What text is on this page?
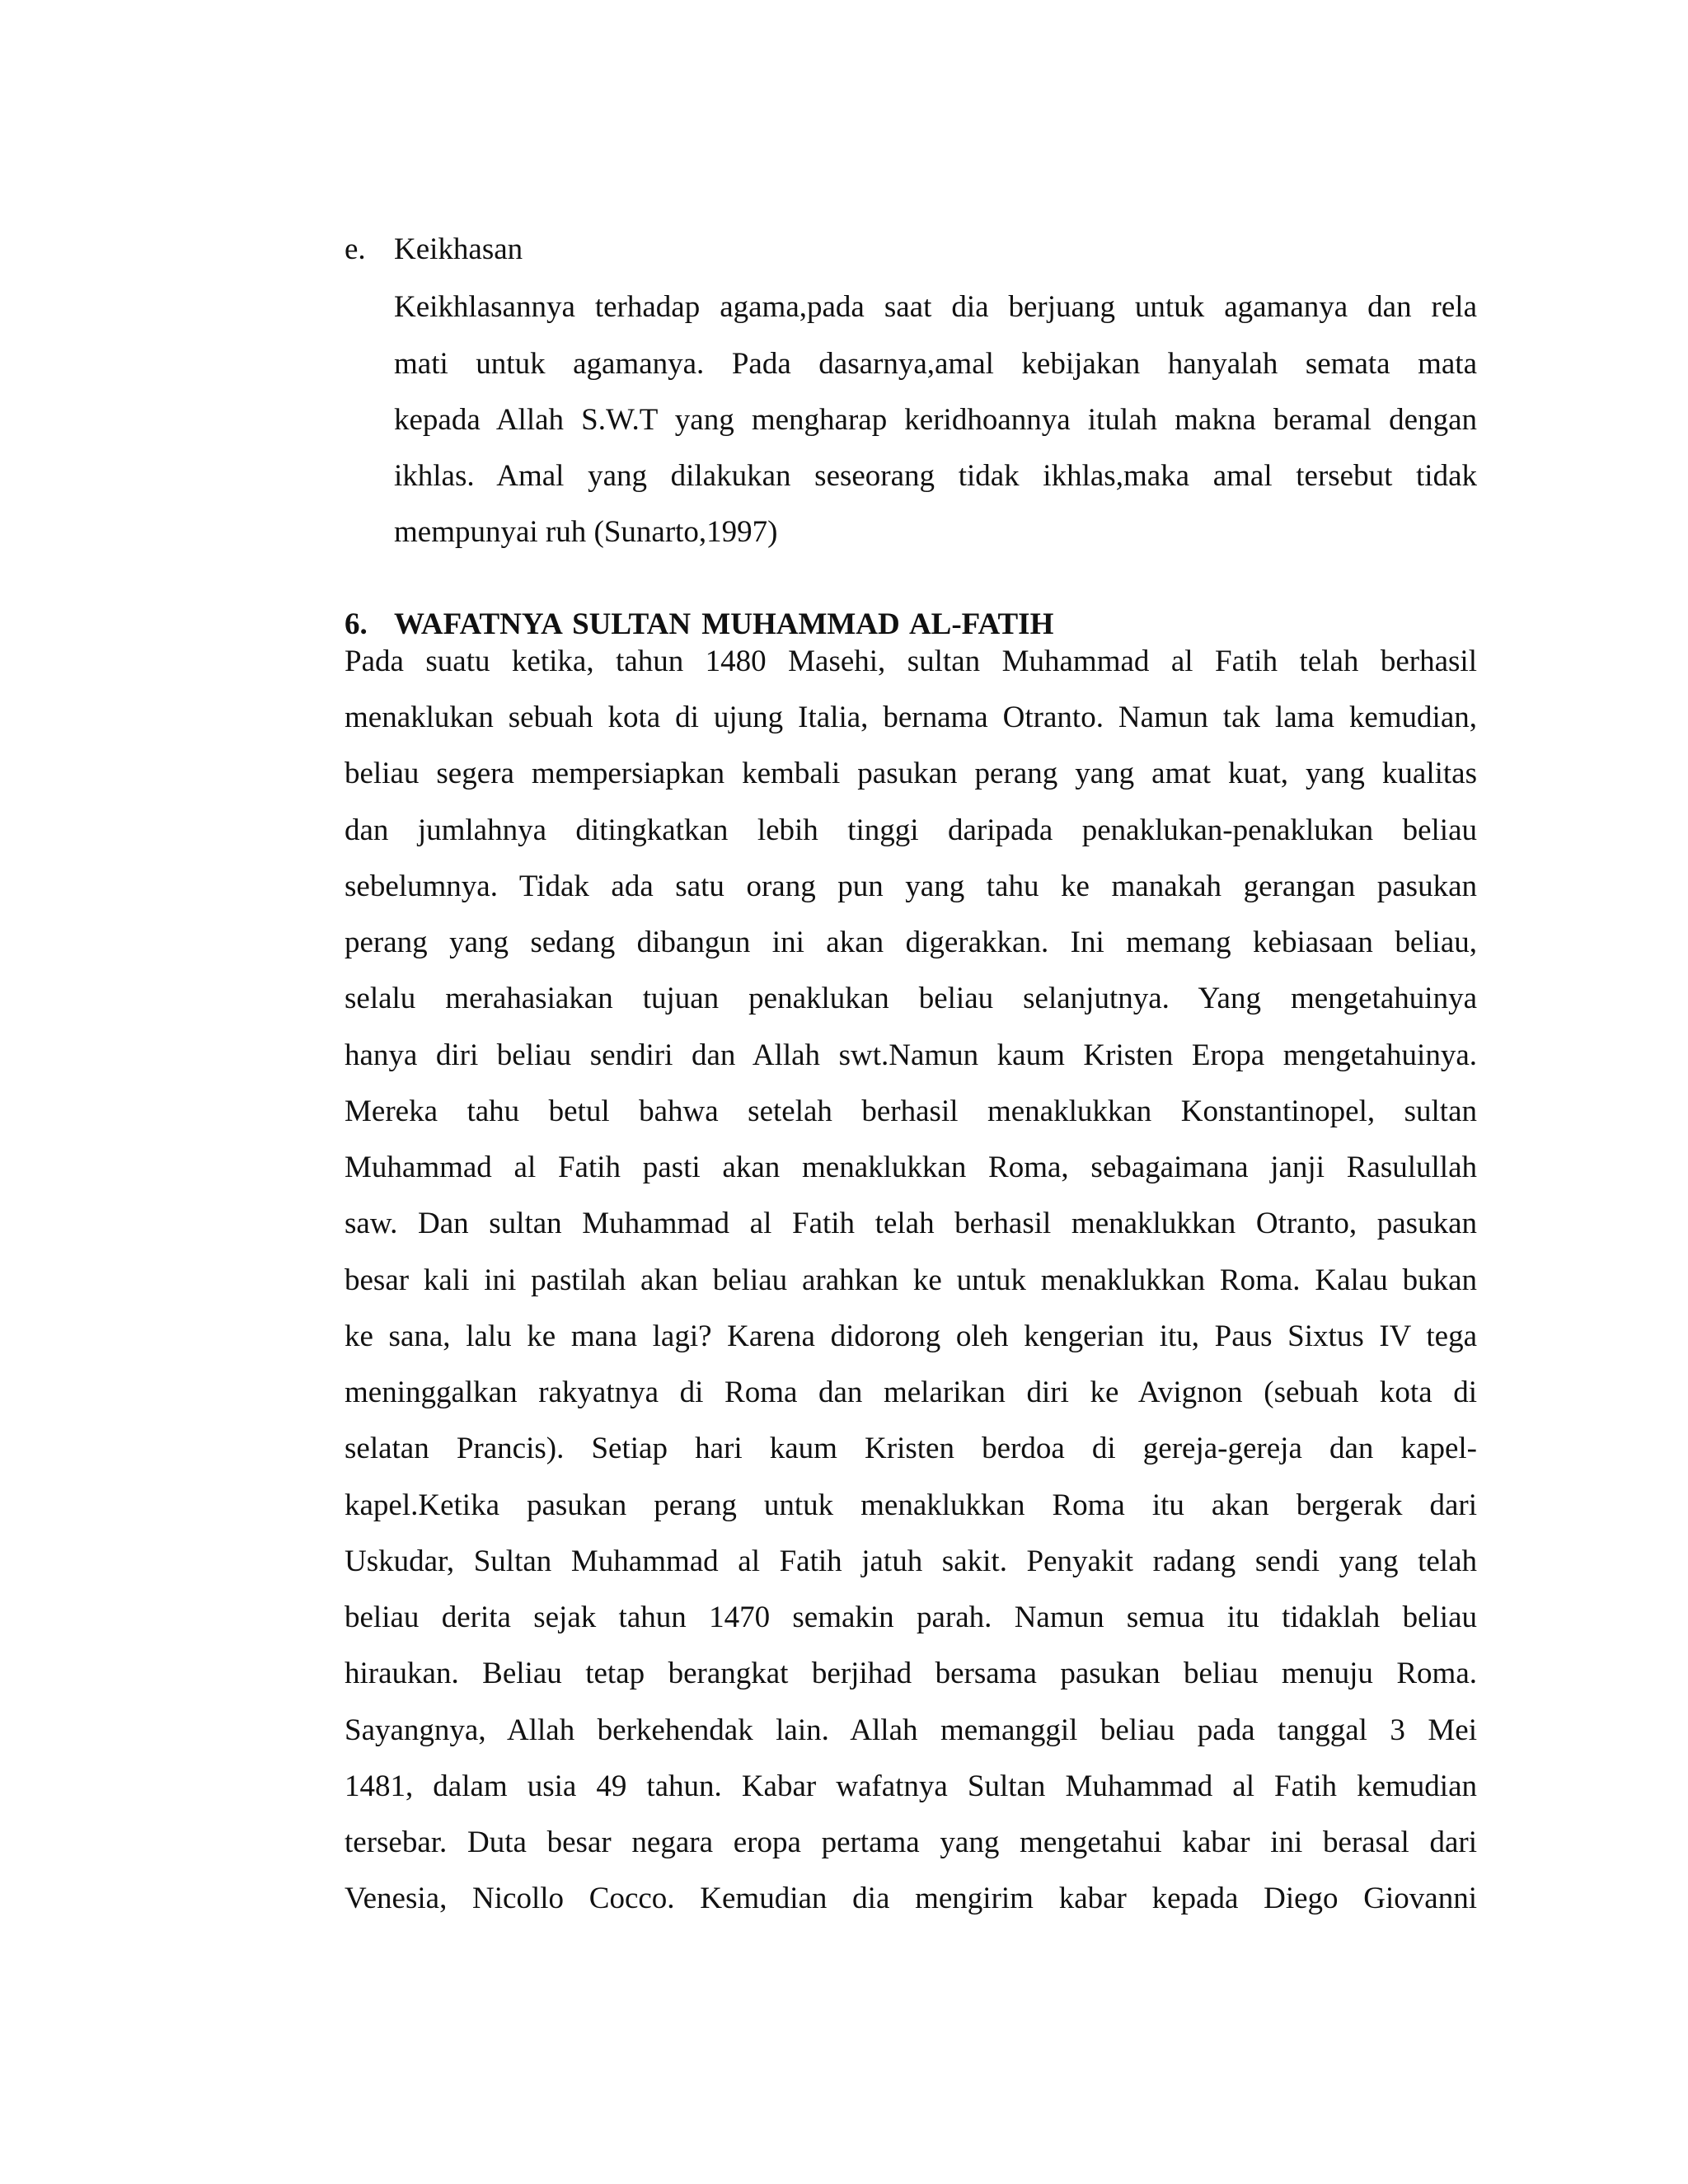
e. Keikhasan
Keikhlasannya terhadap agama,pada saat dia berjuang untuk agamanya dan rela
mati untuk agamanya. Pada dasarnya,amal kebijakan hanyalah semata mata
kepada Allah S.W.T yang mengharap keridhoannya itulah makna beramal dengan
ikhlas. Amal yang dilakukan seseorang tidak ikhlas,maka amal tersebut tidak
mempunyai ruh (Sunarto,1997)
6. WAFATNYA SULTAN MUHAMMAD AL-FATIH
Pada suatu ketika, tahun 1480 Masehi, sultan Muhammad al Fatih telah berhasil
menaklukan sebuah kota di ujung Italia, bernama Otranto. Namun tak lama kemudian,
beliau segera mempersiapkan kembali pasukan perang yang amat kuat, yang kualitas
dan jumlahnya ditingkatkan lebih tinggi daripada penaklukan-penaklukan beliau
sebelumnya. Tidak ada satu orang pun yang tahu ke manakah gerangan pasukan
perang yang sedang dibangun ini akan digerakkan. Ini memang kebiasaan beliau,
selalu merahasiakan tujuan penaklukan beliau selanjutnya. Yang mengetahuinya
hanya diri beliau sendiri dan Allah swt.Namun kaum Kristen Eropa mengetahuinya.
Mereka tahu betul bahwa setelah berhasil menaklukkan Konstantinopel, sultan
Muhammad al Fatih pasti akan menaklukkan Roma, sebagaimana janji Rasulullah
saw. Dan sultan Muhammad al Fatih telah berhasil menaklukkan Otranto, pasukan
besar kali ini pastilah akan beliau arahkan ke untuk menaklukkan Roma. Kalau bukan
ke sana, lalu ke mana lagi? Karena didorong oleh kengerian itu, Paus Sixtus IV tega
meninggalkan rakyatnya di Roma dan melarikan diri ke Avignon (sebuah kota di
selatan Prancis). Setiap hari kaum Kristen berdoa di gereja-gereja dan kapel-
kapel.Ketika pasukan perang untuk menaklukkan Roma itu akan bergerak dari
Uskudar, Sultan Muhammad al Fatih jatuh sakit. Penyakit radang sendi yang telah
beliau derita sejak tahun 1470 semakin parah. Namun semua itu tidaklah beliau
hiraukan. Beliau tetap berangkat berjihad bersama pasukan beliau menuju Roma.
Sayangnya, Allah berkehendak lain. Allah memanggil beliau pada tanggal 3 Mei
1481, dalam usia 49 tahun. Kabar wafatnya Sultan Muhammad al Fatih kemudian
tersebar. Duta besar negara eropa pertama yang mengetahui kabar ini berasal dari
Venesia, Nicollo Cocco. Kemudian dia mengirim kabar kepada Diego Giovanni
